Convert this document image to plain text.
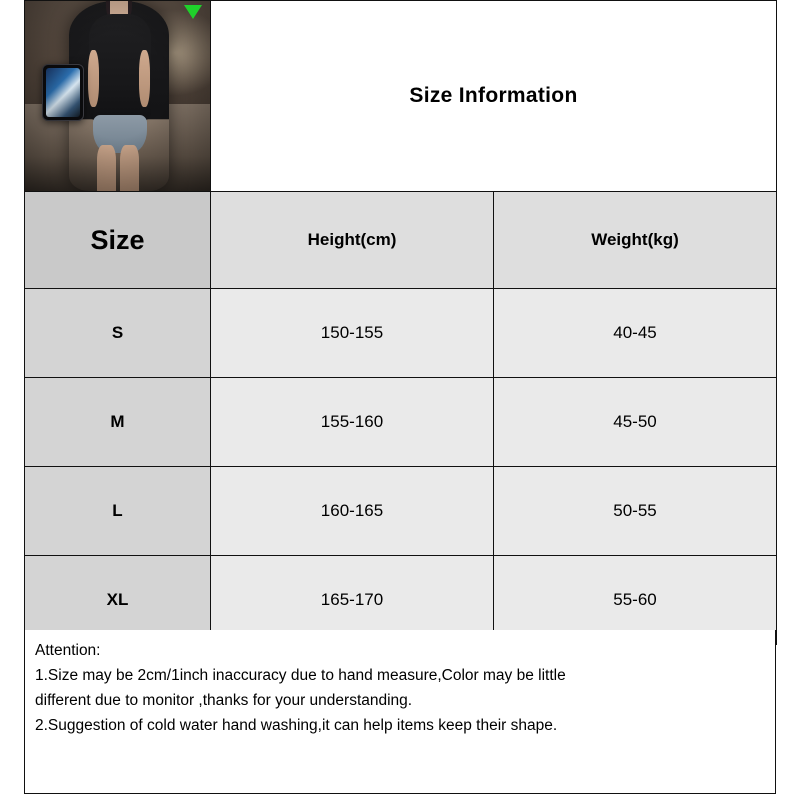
	Size Information	
Size	Height(cm)	Weight(kg)
S	150-155	40-45
M	155-160	45-50
L	160-165	50-55
XL	165-170	55-60

Attention:

1.Size may be 2cm/1inch inaccuracy due to hand measure,Color may be little

different due to monitor ,thanks for your understanding.

2.Suggestion of cold water hand washing,it can help items keep their shape.
